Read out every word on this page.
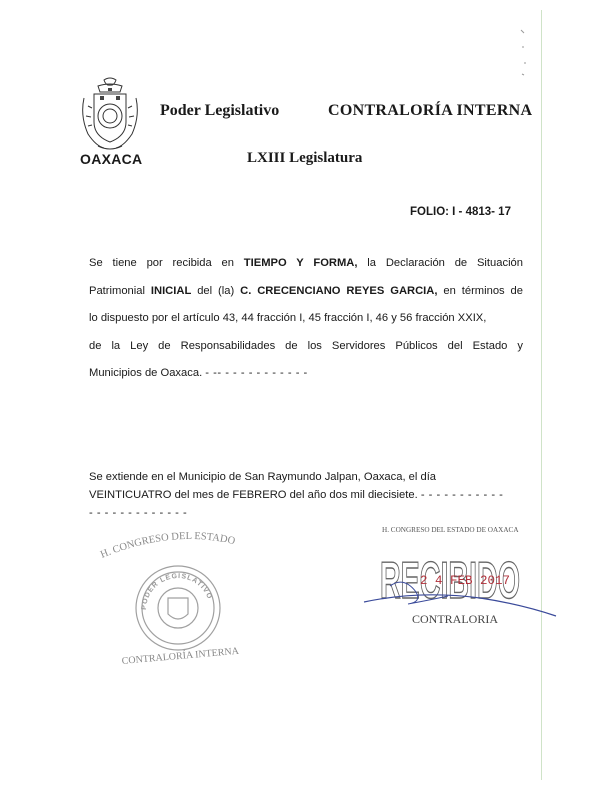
OAXACA
Poder Legislativo	CONTRALORÍA INTERNA
LXIII Legislatura
FOLIO: I - 4813- 17
Se tiene por recibida en TIEMPO Y FORMA, la Declaración de Situación
Patrimonial INICIAL del (la) C. CRECENCIANO REYES GARCIA, en términos de
lo dispuesto por el artículo 43, 44 fracción I, 45 fracción I, 46 y 56 fracción XXIX,
de la Ley de Responsabilidades de los Servidores Públicos del Estado y
Municipios de Oaxaca. - -- - - - - - - - - - - -
Se extiende en el Municipio de San Raymundo Jalpan, Oaxaca, el día
VEINTICUATRO del mes de FEBRERO del año dos mil diecisiete. - - - - - - - - - - -
- - - - - - - - - - - - -
H. CONGRESO DEL ESTADO
PODER LEGISLATIVO
CONTRALORÍA INTERNA
H. CONGRESO DEL ESTADO DE OAXACA
RECIBIDO
2 4 FEB 2017
CONTRALORIA
